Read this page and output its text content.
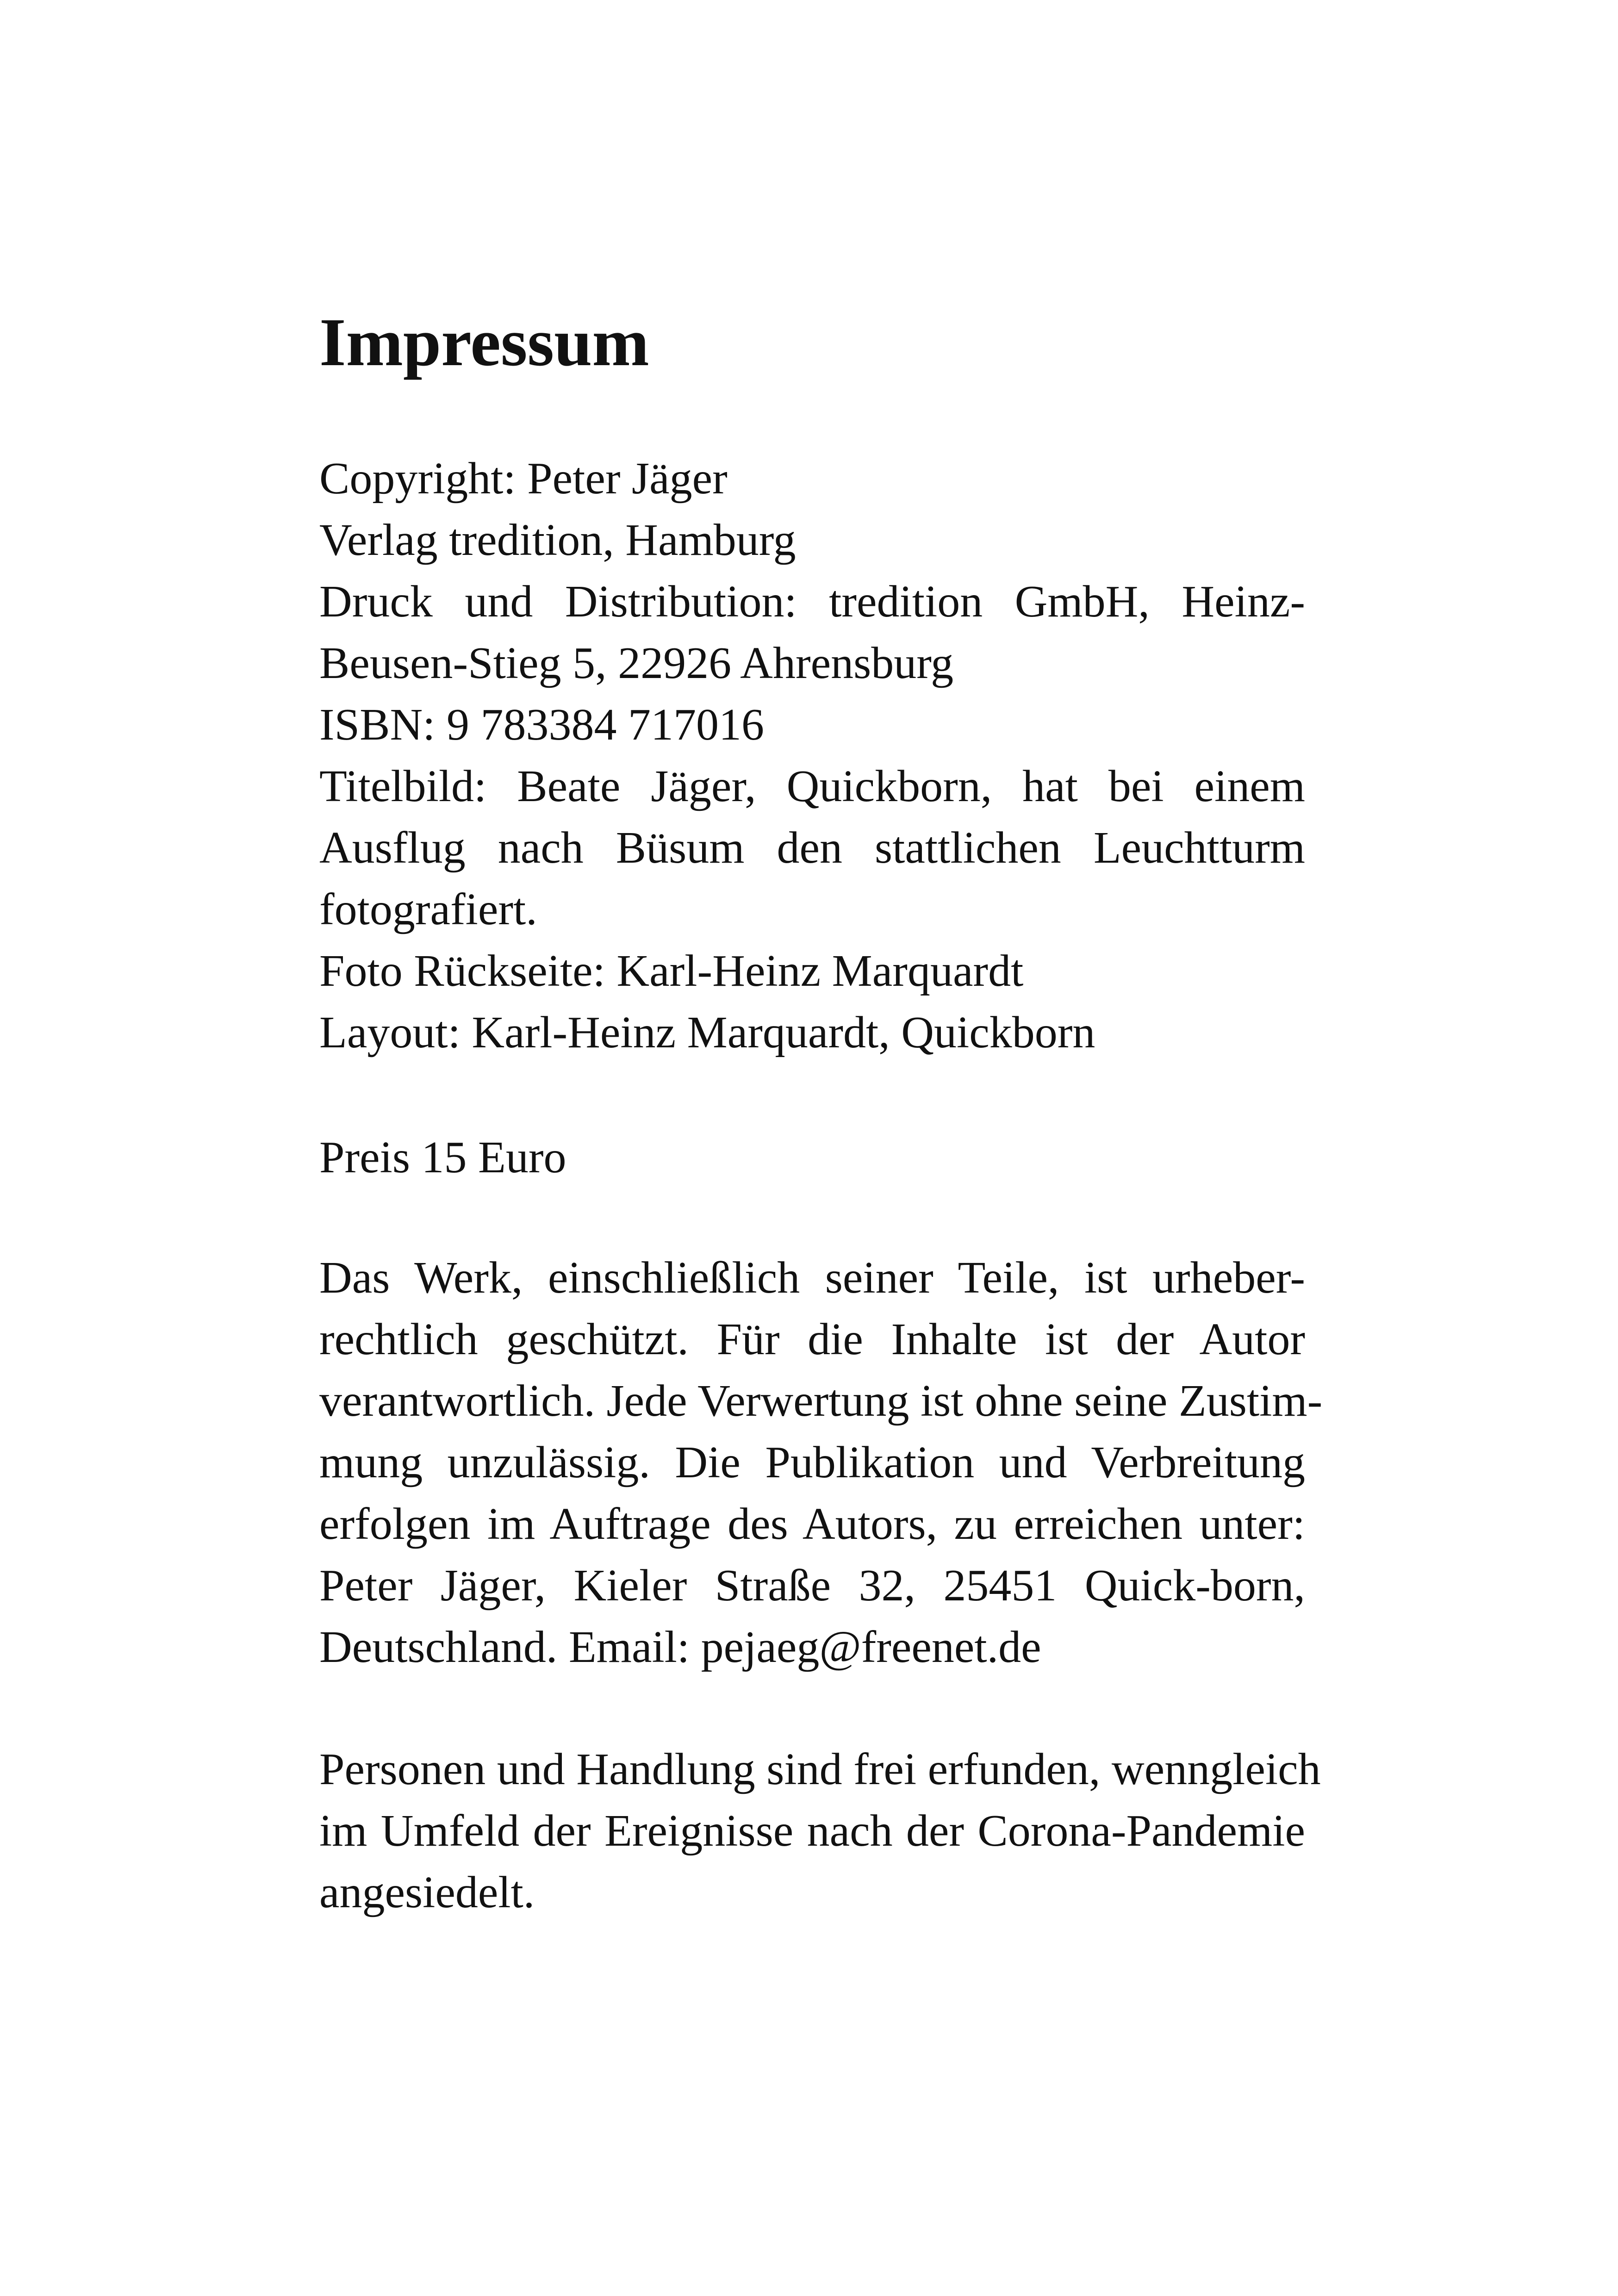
Impressum
Copyright: Peter Jäger
Verlag tredition, Hamburg
Druck und Distribution: tredition GmbH, Heinz-
Beusen-Stieg 5, 22926 Ahrensburg
ISBN: 9 783384 717016
Titelbild: Beate Jäger, Quickborn, hat bei einem
Ausflug nach Büsum den stattlichen Leuchtturm
fotografiert.
Foto Rückseite: Karl-Heinz Marquardt
Layout: Karl-Heinz Marquardt, Quickborn
Preis 15 Euro
Das Werk, einschließlich seiner Teile, ist urheber-
rechtlich geschützt. Für die Inhalte ist der Autor
verantwortlich. Jede Verwertung ist ohne seine Zustim-
mung unzulässig. Die Publikation und Verbreitung
erfolgen im Auftrage des Autors, zu erreichen unter:
Peter Jäger, Kieler Straße 32, 25451 Quick-born,
Deutschland. Email: pejaeg@freenet.de
Personen und Handlung sind frei erfunden, wenngleich
im Umfeld der Ereignisse nach der Corona-Pandemie
angesiedelt.
